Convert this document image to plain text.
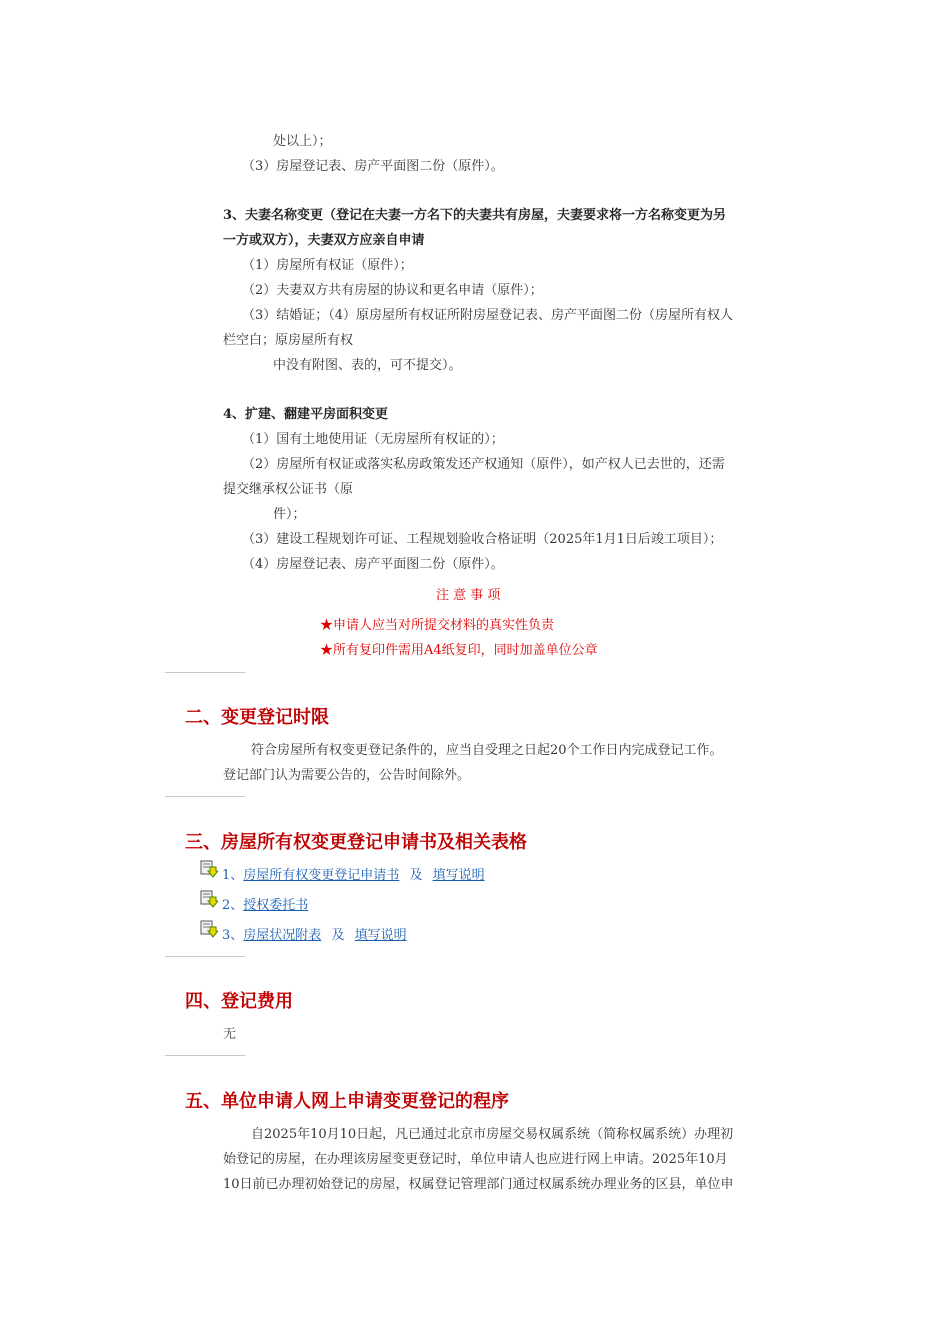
处以上）；
（3）房屋登记表、房产平面图二份（原件）。
3、夫妻名称变更（登记在夫妻一方名下的夫妻共有房屋，夫妻要求将一方名称变更为另
一方或双方），夫妻双方应亲自申请
（1）房屋所有权证（原件）；
（2）夫妻双方共有房屋的协议和更名申请（原件）；
（3）结婚证；（4）原房屋所有权证所附房屋登记表、房产平面图二份（房屋所有权人
栏空白；原房屋所有权
中没有附图、表的，可不提交）。
4、扩建、翻建平房面积变更
（1）国有土地使用证（无房屋所有权证的）；
（2）房屋所有权证或落实私房政策发还产权通知（原件），如产权人已去世的，还需
提交继承权公证书（原
件）；
（3）建设工程规划许可证、工程规划验收合格证明（2025年1月1日后竣工项目）；
（4）房屋登记表、房产平面图二份（原件）。
注 意 事 项
★申请人应当对所提交材料的真实性负责
★所有复印件需用A4纸复印，同时加盖单位公章
二、变更登记时限
符合房屋所有权变更登记条件的，应当自受理之日起20个工作日内完成登记工作。
登记部门认为需要公告的，公告时间除外。
三、房屋所有权变更登记申请书及相关表格
1、房屋所有权变更登记申请书 及 填写说明
2、授权委托书
3、房屋状况附表 及 填写说明
四、登记费用
无
五、单位申请人网上申请变更登记的程序
自2025年10月10日起，凡已通过北京市房屋交易权属系统（简称权属系统）办理初
始登记的房屋，在办理该房屋变更登记时，单位申请人也应进行网上申请。2025年10月
10日前已办理初始登记的房屋，权属登记管理部门通过权属系统办理业务的区县，单位申
